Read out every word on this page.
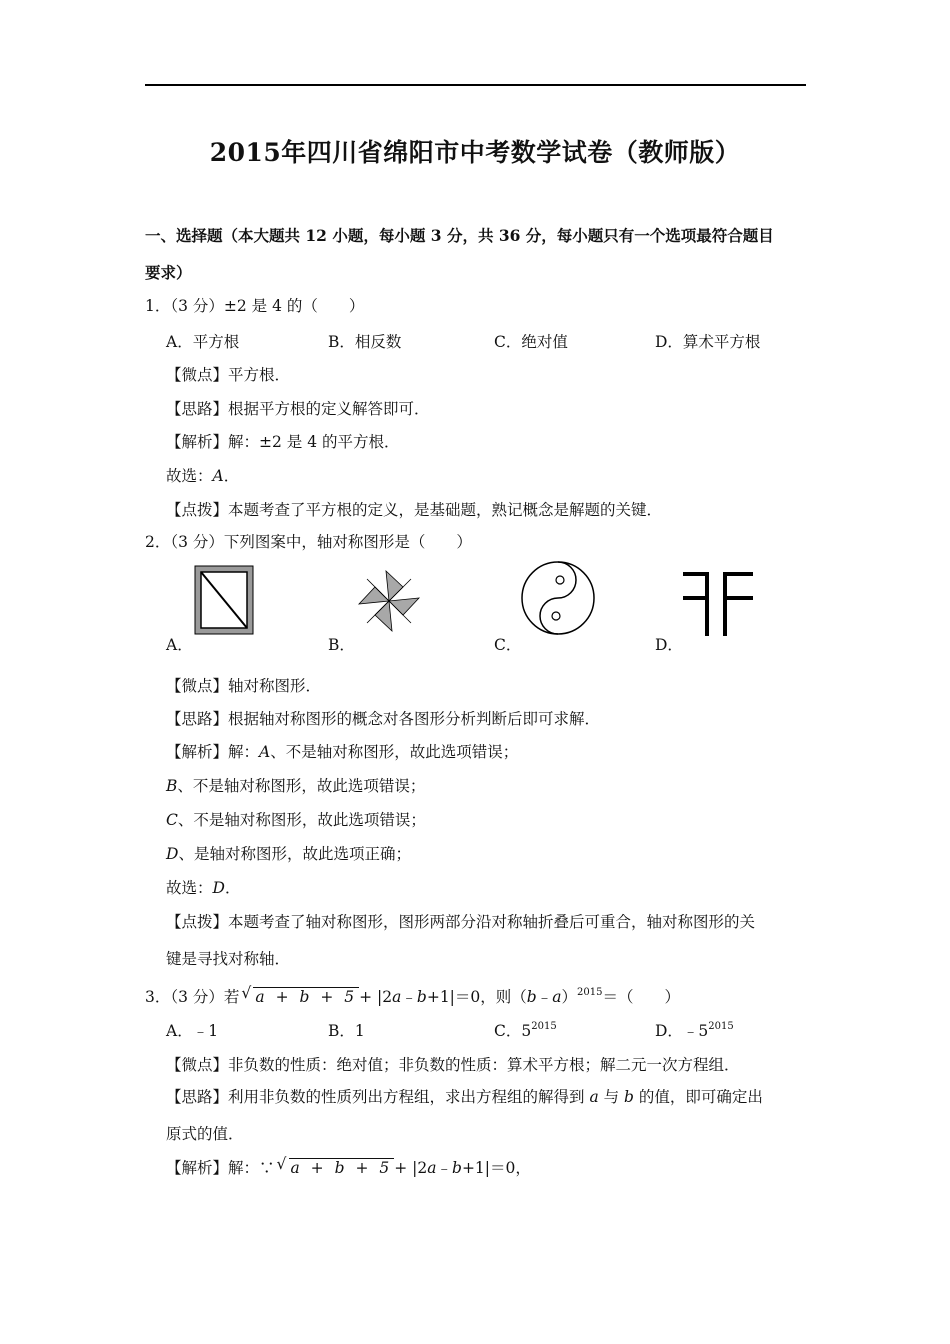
2015年四川省绵阳市中考数学试卷（教师版）
一、选择题（本大题共 12 小题，每小题 3 分，共 36 分，每小题只有一个选项最符合题目
要求）
1．（3 分）±2 是 4 的（　　）
A．平方根	B．相反数	C．绝对值	D．算术平方根
【微点】平方根．
【思路】根据平方根的定义解答即可．
【解析】解：±2 是 4 的平方根．
故选：A．
【点拨】本题考查了平方根的定义，是基础题，熟记概念是解题的关键．
2．（3 分）下列图案中，轴对称图形是（　　）
A．	B．	C．	D．
【微点】轴对称图形．
【思路】根据轴对称图形的概念对各图形分析判断后即可求解．
【解析】解：A、不是轴对称图形，故此选项错误；
B、不是轴对称图形，故此选项错误；
C、不是轴对称图形，故此选项错误；
D、是轴对称图形，故此选项正确；
故选：D．
【点拨】本题考查了轴对称图形，图形两部分沿对称轴折叠后可重合，轴对称图形的关
键是寻找对称轴．
3．（3 分）若 √ a + b + 5 + |2a﹣b+1|＝0，则（b﹣a）$^{2015}$＝（　　）
A．﹣1	B．1	C．$5^{2015}$	D．$﹣5^{2015}$
【微点】非负数的性质：绝对值；非负数的性质：算术平方根；解二元一次方程组．
【思路】利用非负数的性质列出方程组，求出方程组的解得到 a 与 b 的值，即可确定出
原式的值．
【解析】解：∵ √ a + b + 5 + |2a﹣b+1|＝0，
